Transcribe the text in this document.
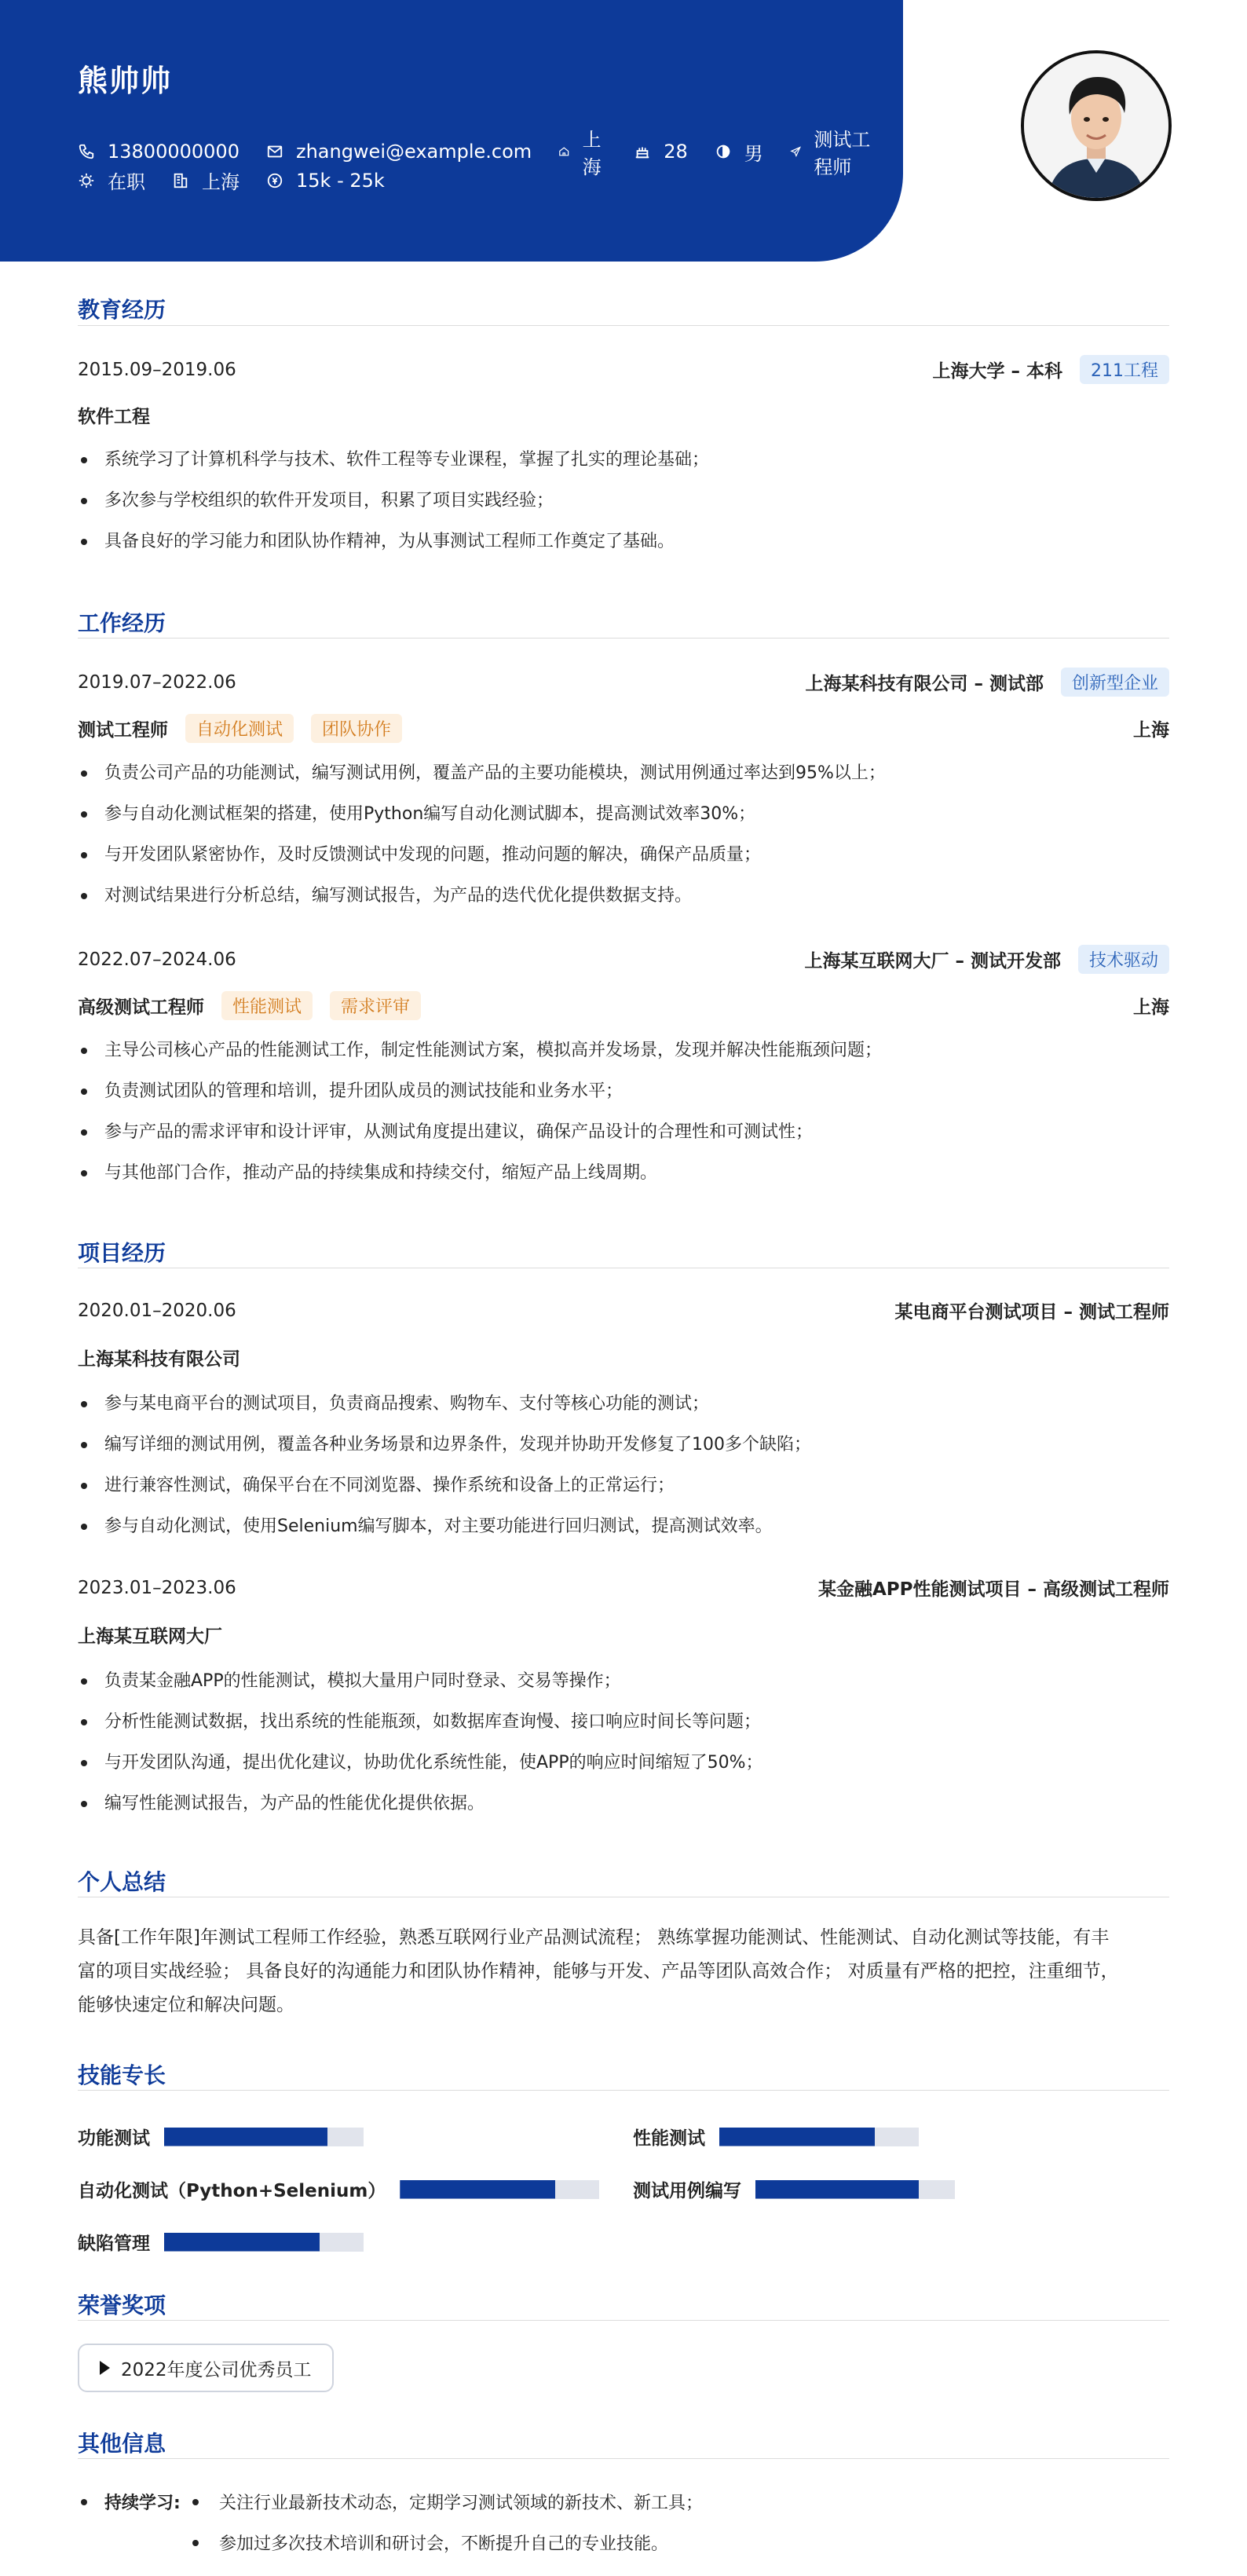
熊帅帅
13800000000	zhangwei@example.com
上海
28	男
测试工程师
在职	上海	15k - 25k
教育经历
2015.09–2019.06	上海大学 – 本科	211工程
软件工程
系统学习了计算机科学与技术、软件工程等专业课程，掌握了扎实的理论基础；
多次参与学校组织的软件开发项目，积累了项目实践经验；
具备良好的学习能力和团队协作精神，为从事测试工程师工作奠定了基础。
工作经历
2019.07–2022.06	上海某科技有限公司 – 测试部	创新型企业
测试工程师	自动化测试	团队协作	上海
负责公司产品的功能测试，编写测试用例，覆盖产品的主要功能模块，测试用例通过率达到95%以上；
参与自动化测试框架的搭建，使用Python编写自动化测试脚本，提高测试效率30%；
与开发团队紧密协作，及时反馈测试中发现的问题，推动问题的解决，确保产品质量；
对测试结果进行分析总结，编写测试报告，为产品的迭代优化提供数据支持。
2022.07–2024.06	上海某互联网大厂 – 测试开发部	技术驱动
高级测试工程师	性能测试	需求评审	上海
主导公司核心产品的性能测试工作，制定性能测试方案，模拟高并发场景，发现并解决性能瓶颈问题；
负责测试团队的管理和培训，提升团队成员的测试技能和业务水平；
参与产品的需求评审和设计评审，从测试角度提出建议，确保产品设计的合理性和可测试性；
与其他部门合作，推动产品的持续集成和持续交付，缩短产品上线周期。
项目经历
2020.01–2020.06	某电商平台测试项目 – 测试工程师
上海某科技有限公司
参与某电商平台的测试项目，负责商品搜索、购物车、支付等核心功能的测试；
编写详细的测试用例，覆盖各种业务场景和边界条件，发现并协助开发修复了100多个缺陷；
进行兼容性测试，确保平台在不同浏览器、操作系统和设备上的正常运行；
参与自动化测试，使用Selenium编写脚本，对主要功能进行回归测试，提高测试效率。
2023.01–2023.06	某金融APP性能测试项目 – 高级测试工程师
上海某互联网大厂
负责某金融APP的性能测试，模拟大量用户同时登录、交易等操作；
分析性能测试数据，找出系统的性能瓶颈，如数据库查询慢、接口响应时间长等问题；
与开发团队沟通，提出优化建议，协助优化系统性能，使APP的响应时间缩短了50%；
编写性能测试报告，为产品的性能优化提供依据。
个人总结
具备[工作年限]年测试工程师工作经验，熟悉互联网行业产品测试流程； 熟练掌握功能测试、性能测试、自动化测试等技能，有丰
富的项目实战经验； 具备良好的沟通能力和团队协作精神，能够与开发、产品等团队高效合作； 对质量有严格的把控，注重细节，
能够快速定位和解决问题。
技能专长
功能测试	性能测试
自动化测试（Python+Selenium）	测试用例编写
缺陷管理
荣誉奖项
2022年度公司优秀员工
其他信息
持续学习: 关注行业最新技术动态，定期学习测试领域的新技术、新工具；
参加过多次技术培训和研讨会，不断提升自己的专业技能。
